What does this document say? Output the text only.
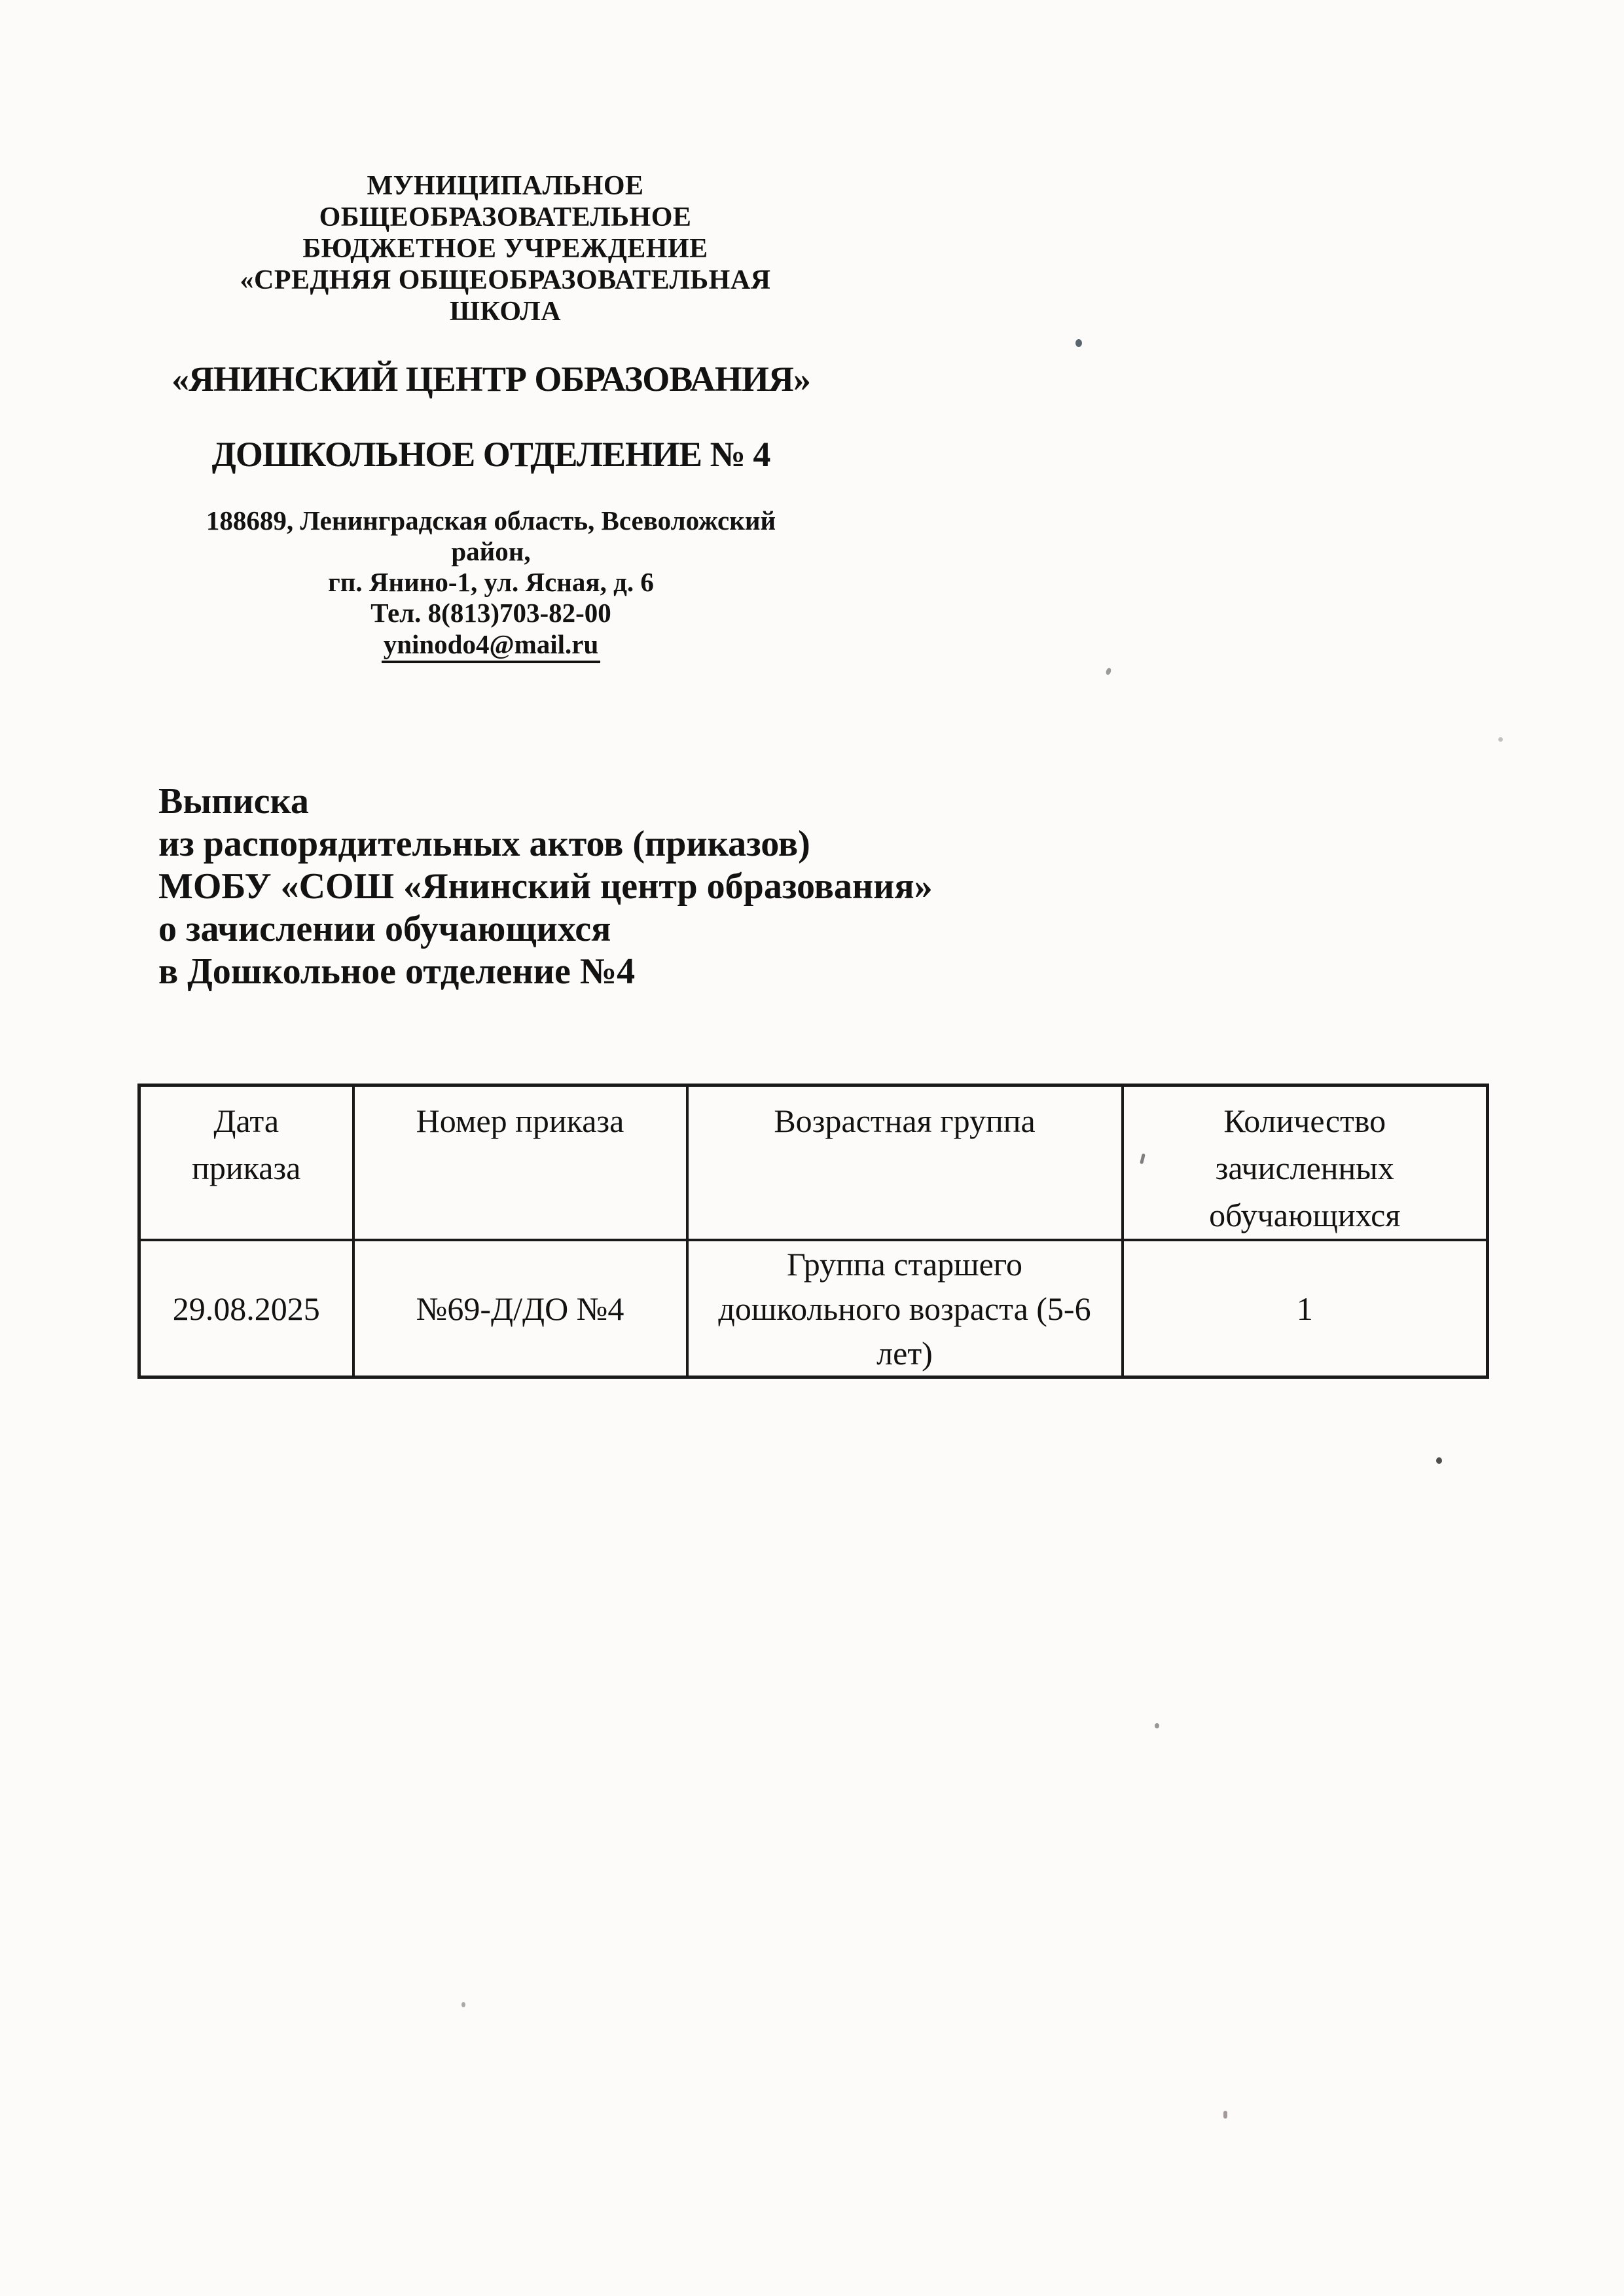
МУНИЦИПАЛЬНОЕ
ОБЩЕОБРАЗОВАТЕЛЬНОЕ
БЮДЖЕТНОЕ УЧРЕЖДЕНИЕ
«СРЕДНЯЯ ОБЩЕОБРАЗОВАТЕЛЬНАЯ
ШКОЛА
«ЯНИНСКИЙ ЦЕНТР ОБРАЗОВАНИЯ»
ДОШКОЛЬНОЕ ОТДЕЛЕНИЕ № 4
188689, Ленинградская область, Всеволожский район,
гп. Янино-1, ул. Ясная, д. 6
Тел. 8(813)703-82-00
yninodo4@mail.ru
Выписка
из распорядительных актов (приказов)
МОБУ «СОШ «Янинский центр образования»
о зачислении обучающихся
в Дошкольное отделение №4
Дата приказа	Номер приказа	Возрастная группа	Количество зачисленных обучающихся
29.08.2025	№69-Д/ДО №4	Группа старшего дошкольного возраста (5-6 лет)	1
